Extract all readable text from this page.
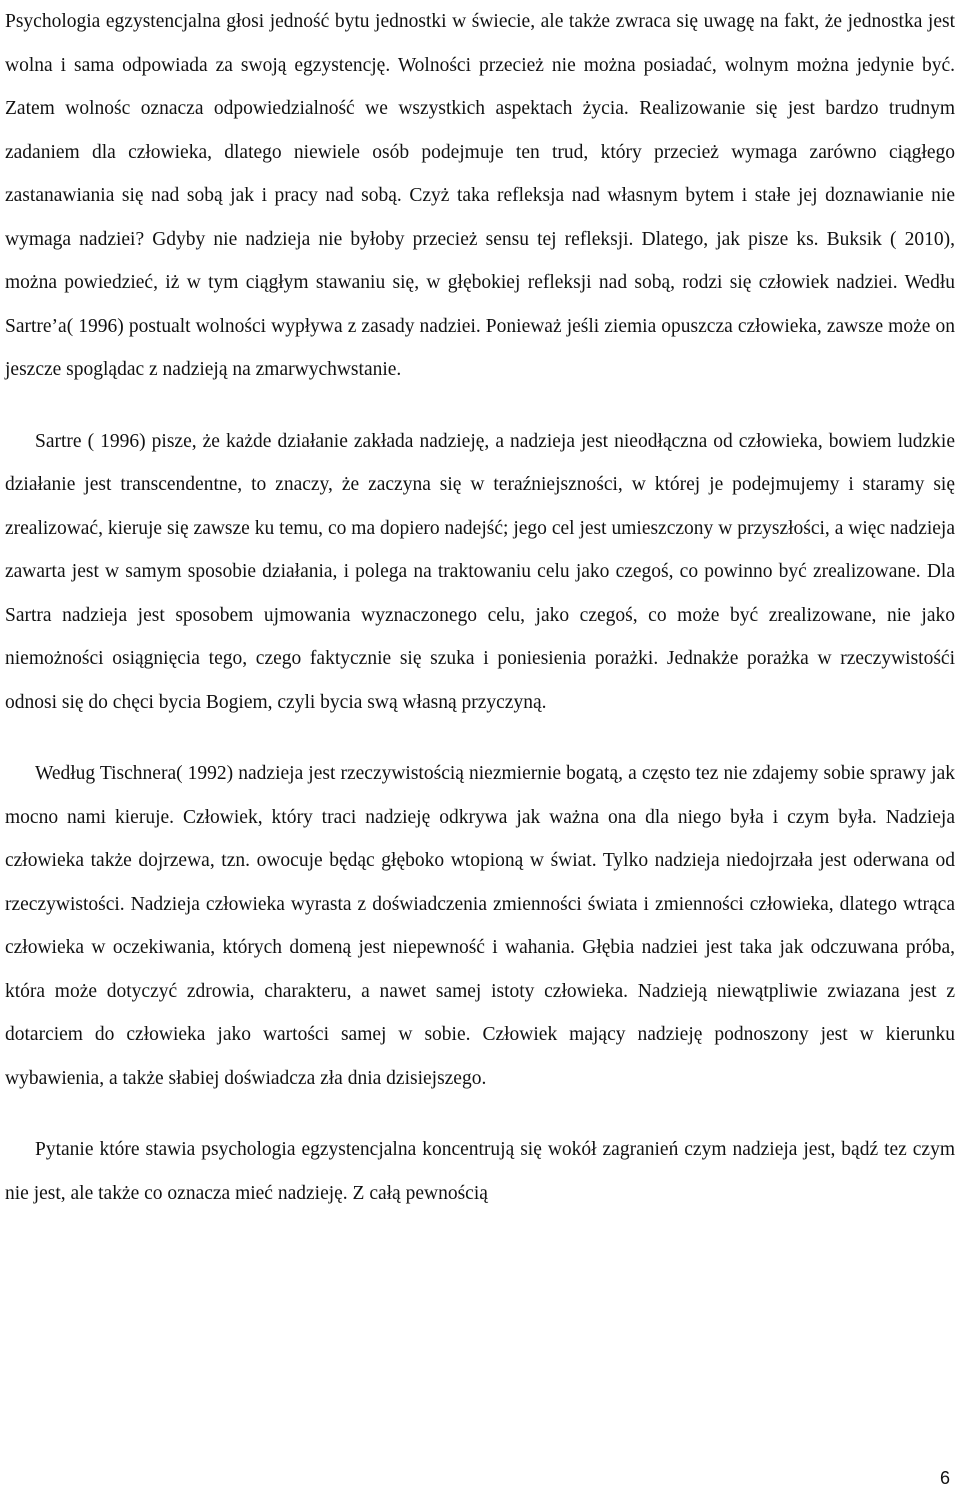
Psychologia egzystencjalna głosi jedność bytu jednostki w świecie, ale także zwraca się uwagę na fakt, że jednostka jest wolna i sama odpowiada za swoją egzystencję. Wolności przecież nie można posiadać, wolnym można jedynie być. Zatem wolnośc oznacza odpowiedzialność we wszystkich aspektach życia. Realizowanie się jest bardzo trudnym zadaniem dla człowieka, dlatego niewiele osób podejmuje ten trud, który przecież wymaga zarówno ciągłego zastanawiania się nad sobą jak i pracy nad sobą. Czyż taka refleksja nad własnym bytem i stałe jej doznawianie nie wymaga nadziei? Gdyby nie nadzieja nie byłoby przecież sensu tej refleksji. Dlatego, jak pisze ks. Buksik ( 2010), można powiedzieć, iż w tym ciągłym stawaniu się, w głębokiej refleksji nad sobą, rodzi się człowiek nadziei. Wedłu Sartre’a( 1996) postualt wolności wypływa z zasady nadziei. Ponieważ jeśli ziemia opuszcza człowieka, zawsze może on jeszcze spoglądac z nadzieją na zmarwychwstanie.

Sartre ( 1996) pisze, że każde działanie zakłada nadzieję, a nadzieja jest nieodłączna od człowieka, bowiem ludzkie działanie jest transcendentne, to znaczy, że zaczyna się w teraźniejszności, w której je podejmujemy i staramy się zrealizować, kieruje się zawsze ku temu, co ma dopiero nadejść; jego cel jest umieszczony w przyszłości, a więc nadzieja zawarta jest w samym sposobie działania, i polega na traktowaniu celu jako czegoś, co powinno być zrealizowane. Dla Sartra nadzieja jest sposobem ujmowania wyznaczonego celu, jako czegoś, co może być zrealizowane, nie jako niemożności osiągnięcia tego, czego faktycznie się szuka i poniesienia porażki. Jednakże porażka w rzeczywistośći odnosi się do chęci bycia Bogiem, czyli bycia swą własną przyczyną.

Według Tischnera( 1992) nadzieja jest rzeczywistością niezmiernie bogatą, a często tez nie zdajemy sobie sprawy jak mocno nami kieruje. Człowiek, który traci nadzieję odkrywa jak ważna ona dla niego była i czym była. Nadzieja człowieka także dojrzewa, tzn. owocuje będąc głęboko wtopioną w świat. Tylko nadzieja niedojrzała jest oderwana od rzeczywistości. Nadzieja człowieka wyrasta z doświadczenia zmienności świata i zmienności człowieka, dlatego wtrąca człowieka w oczekiwania, których domeną jest niepewność i wahania. Głębia nadziei jest taka jak odczuwana próba, która może dotyczyć zdrowia, charakteru, a nawet samej istoty człowieka. Nadzieją niewątpliwie zwiazana jest z dotarciem do człowieka jako wartości samej w sobie. Człowiek mający nadzieję podnoszony jest w kierunku wybawienia, a także słabiej doświadcza zła dnia dzisiejszego.

Pytanie które stawia psychologia egzystencjalna koncentrują się wokół zagranień czym nadzieja jest, bądź tez czym nie jest, ale także co oznacza mieć nadzieję. Z całą pewnością

6
